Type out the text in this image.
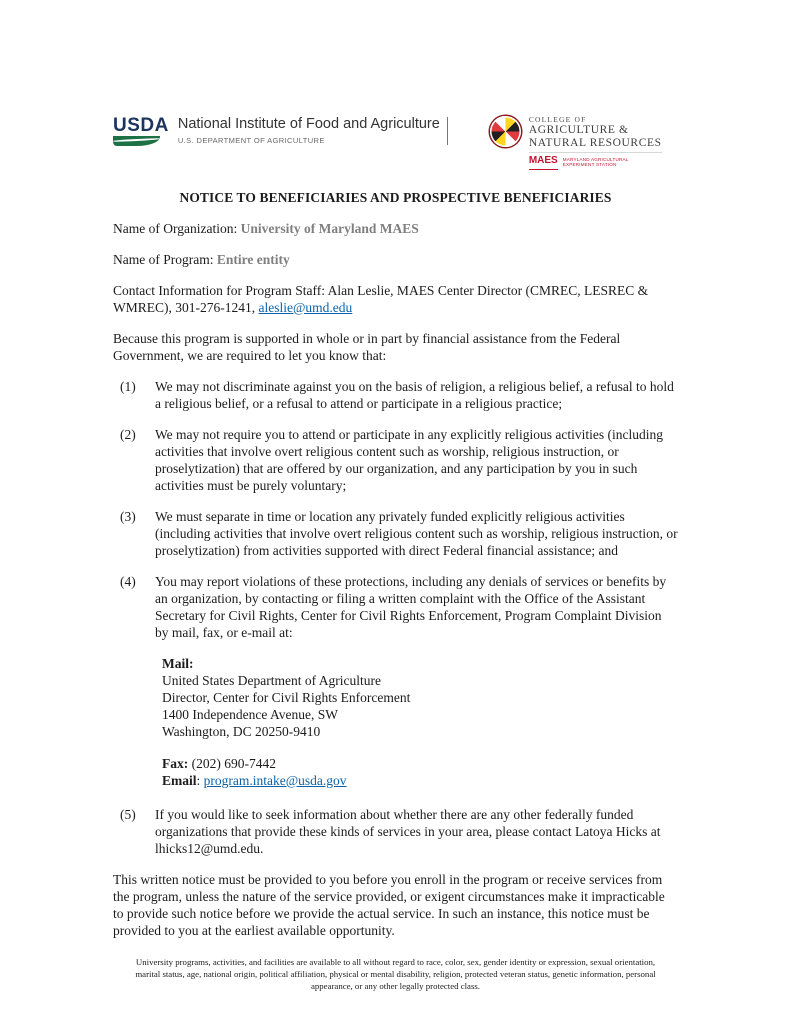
USDA National Institute of Food and Agriculture
U.S. DEPARTMENT OF AGRICULTURE
COLLEGE OF
AGRICULTURE &
NATURAL RESOURCES
MAES MARYLAND AGRICULTURAL
EXPERIMENT STATION
NOTICE TO BENEFICIARIES AND PROSPECTIVE BENEFICIARIES

Name of Organization: University of Maryland MAES

Name of Program: Entire entity

Contact Information for Program Staff: Alan Leslie, MAES Center Director (CMREC, LESREC & WMREC), 301-276-1241, aleslie@umd.edu

Because this program is supported in whole or in part by financial assistance from the Federal Government, we are required to let you know that:

(1)	We may not discriminate against you on the basis of religion, a religious belief, a refusal to hold a religious belief, or a refusal to attend or participate in a religious practice;
(2)	We may not require you to attend or participate in any explicitly religious activities (including activities that involve overt religious content such as worship, religious instruction, or proselytization) that are offered by our organization, and any participation by you in such activities must be purely voluntary;
(3)	We must separate in time or location any privately funded explicitly religious activities (including activities that involve overt religious content such as worship, religious instruction, or proselytization) from activities supported with direct Federal financial assistance; and
(4)	You may report violations of these protections, including any denials of services or benefits by an organization, by contacting or filing a written complaint with the Office of the Assistant Secretary for Civil Rights, Center for Civil Rights Enforcement, Program Complaint Division by mail, fax, or e-mail at:
Mail:
United States Department of Agriculture
Director, Center for Civil Rights Enforcement
1400 Independence Avenue, SW
Washington, DC 20250-9410
Fax: (202) 690-7442
Email: program.intake@usda.gov
(5)	If you would like to seek information about whether there are any other federally funded organizations that provide these kinds of services in your area, please contact Latoya Hicks at lhicks12@umd.edu.

This written notice must be provided to you before you enroll in the program or receive services from the program, unless the nature of the service provided, or exigent circumstances make it impracticable to provide such notice before we provide the actual service. In such an instance, this notice must be provided to you at the earliest available opportunity.

University programs, activities, and facilities are available to all without regard to race, color, sex, gender identity or expression, sexual orientation, marital status, age, national origin, political affiliation, physical or mental disability, religion, protected veteran status, genetic information, personal appearance, or any other legally protected class.
